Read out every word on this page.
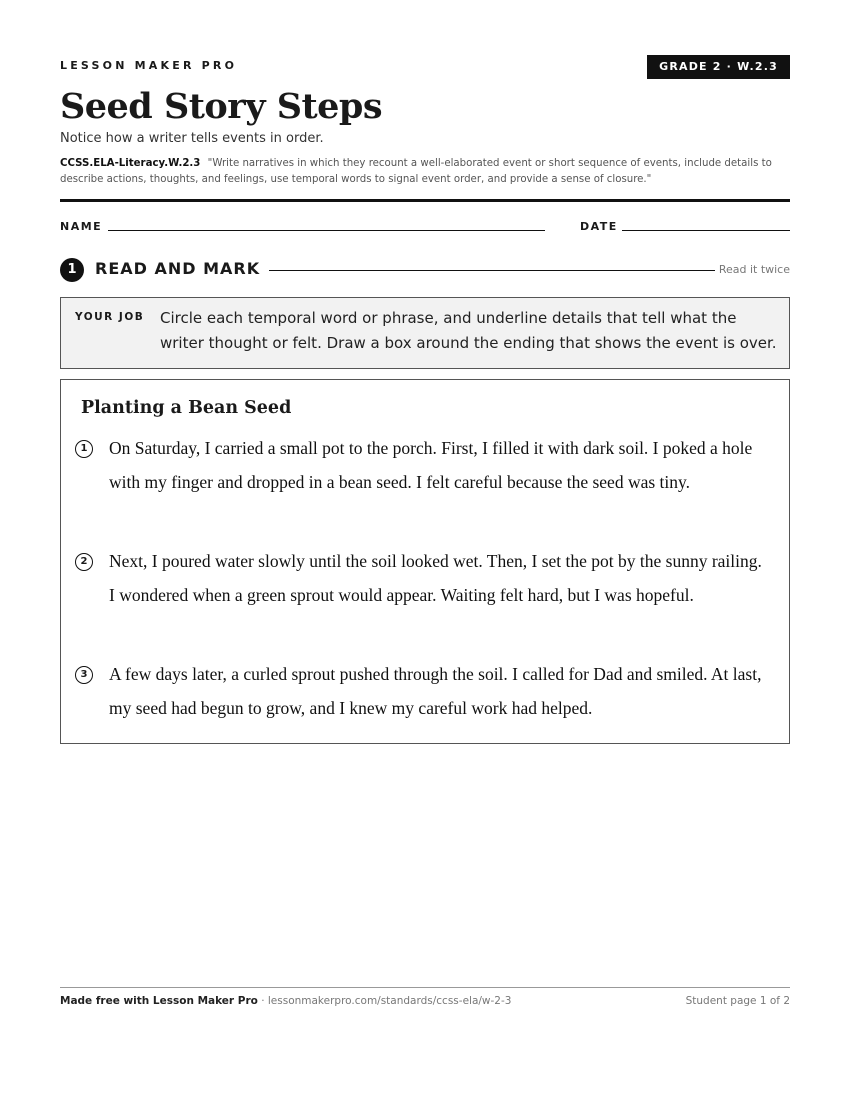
LESSON MAKER PRO	GRADE 2 · W.2.3
Seed Story Steps
Notice how a writer tells events in order.
CCSS.ELA-Literacy.W.2.3 "Write narratives in which they recount a well-elaborated event or short sequence of events, include details to describe actions, thoughts, and feelings, use temporal words to signal event order, and provide a sense of closure."
NAME	DATE
1	READ AND MARK	Read it twice
YOUR JOB Circle each temporal word or phrase, and underline details that tell what the writer thought or felt. Draw a box around the ending that shows the event is over.
Planting a Bean Seed
1	On Saturday, I carried a small pot to the porch. First, I filled it with dark soil. I poked a hole with my finger and dropped in a bean seed. I felt careful because the seed was tiny.
2	Next, I poured water slowly until the soil looked wet. Then, I set the pot by the sunny railing. I wondered when a green sprout would appear. Waiting felt hard, but I was hopeful.
3	A few days later, a curled sprout pushed through the soil. I called for Dad and smiled. At last, my seed had begun to grow, and I knew my careful work had helped.
Made free with Lesson Maker Pro · lessonmakerpro.com/standards/ccss-ela/w-2-3	Student page 1 of 2
